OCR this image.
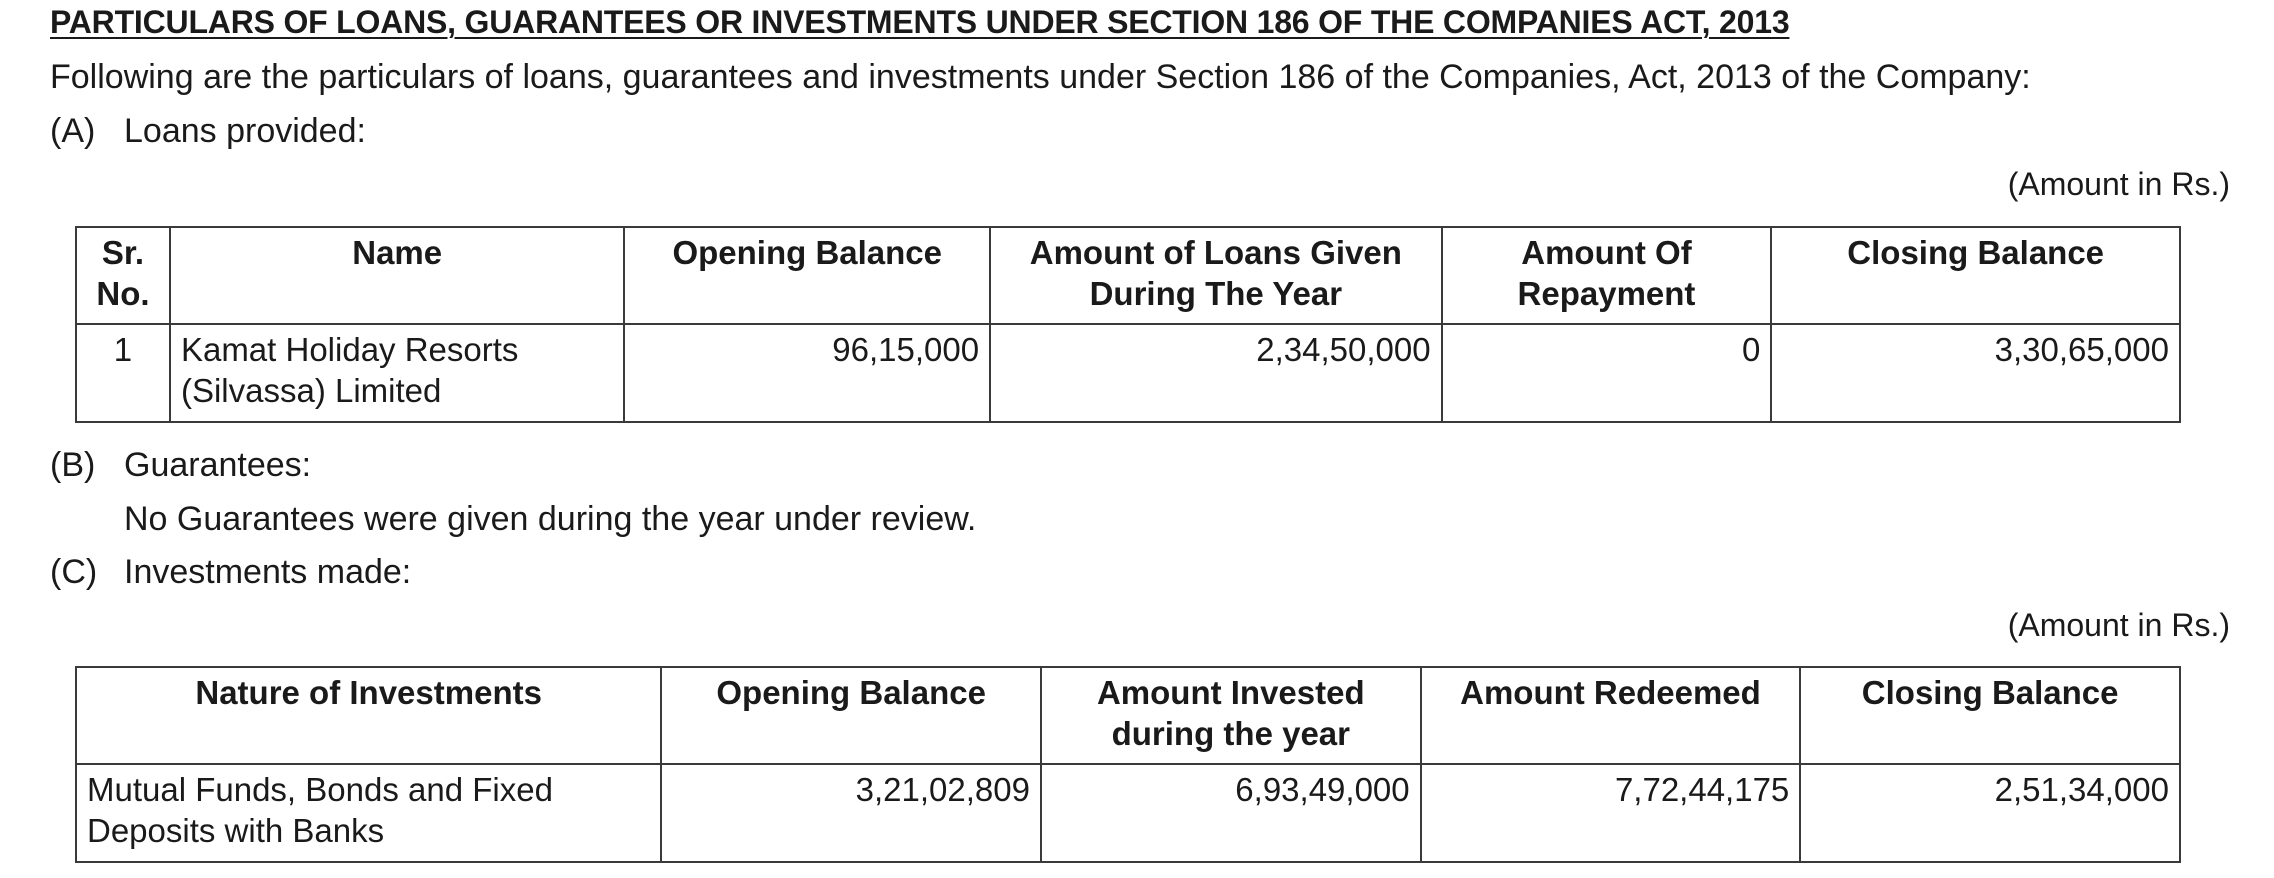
PARTICULARS OF LOANS, GUARANTEES OR INVESTMENTS UNDER SECTION 186 OF THE COMPANIES ACT, 2013
Following are the particulars of loans, guarantees and investments under Section 186 of the Companies, Act, 2013 of the Company:
(A) Loans provided:
(Amount in Rs.)
(B) Guarantees:
No Guarantees were given during the year under review.
(C) Investments made:
(Amount in Rs.)
Sr. No.	Name	Opening Balance	Amount of Loans Given During The Year	Amount Of Repayment	Closing Balance
1	Kamat Holiday Resorts (Silvassa) Limited	96,15,000	2,34,50,000	0	3,30,65,000
Nature of Investments	Opening Balance	Amount Invested during the year	Amount Redeemed	Closing Balance
Mutual Funds, Bonds and Fixed Deposits with Banks	3,21,02,809	6,93,49,000	7,72,44,175	2,51,34,000
